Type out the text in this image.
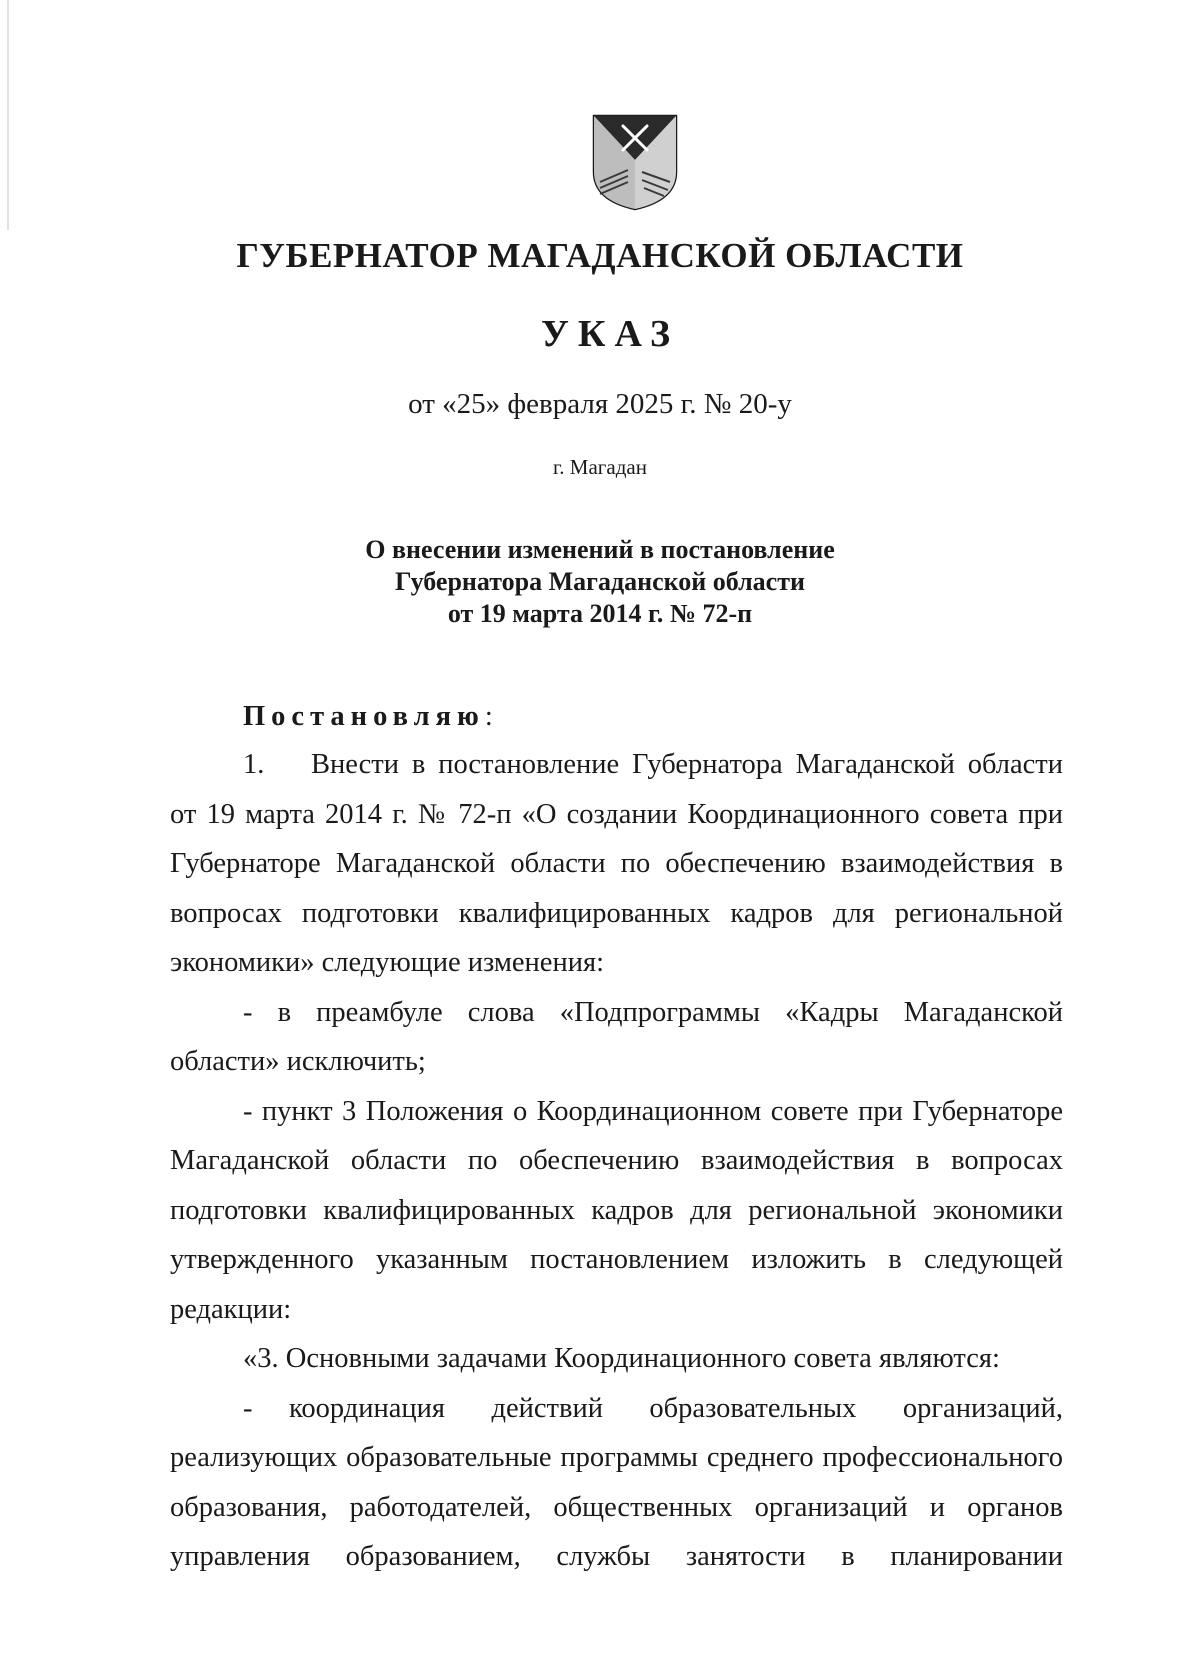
ГУБЕРНАТОР МАГАДАНСКОЙ ОБЛАСТИ
УКАЗ
от «25» февраля 2025 г. № 20-у
г. Магадан
О внесении изменений в постановление
Губернатора Магаданской области
от 19 марта 2014 г. № 72-п

Постановляю:

1. Внести в постановление Губернатора Магаданской области от 19 марта 2014 г. № 72-п «О создании Координационного совета при Губернаторе Магаданской области по обеспечению взаимодействия в вопросах подготовки квалифицированных кадров для региональной экономики» следующие изменения:

- в преамбуле слова «Подпрограммы «Кадры Магаданской области» исключить;

- пункт 3 Положения о Координационном совете при Губернаторе Магаданской области по обеспечению взаимодействия в вопросах подготовки квалифицированных кадров для региональной экономики утвержденного указанным постановлением изложить в следующей редакции:

«3. Основными задачами Координационного совета являются:

-	координация действий образовательных организаций,

реализующих образовательные программы среднего профессионального образования, работодателей, общественных организаций и органов управления образованием, службы занятости в планировании
